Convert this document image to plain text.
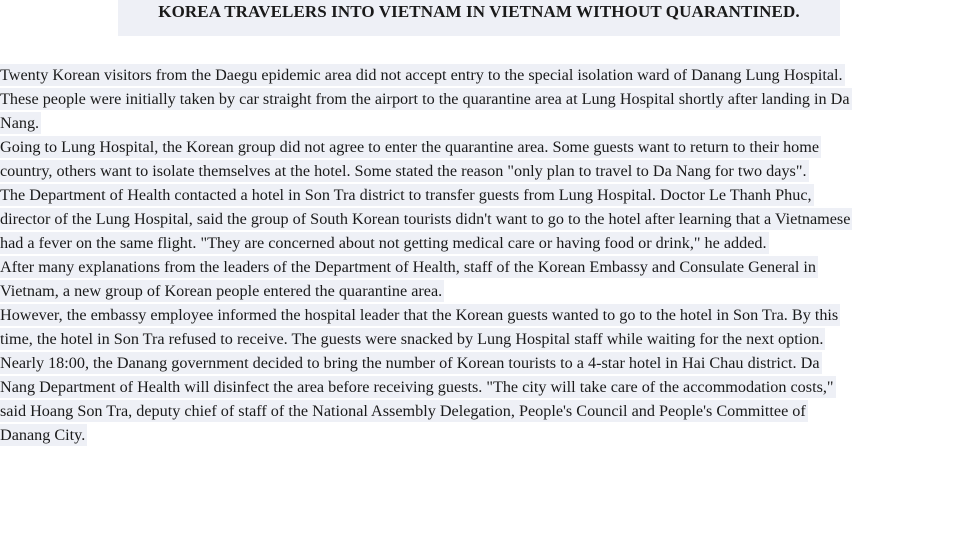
KOREA TRAVELERS INTO VIETNAM IN VIETNAM WITHOUT QUARANTINED.
Twenty Korean visitors from the Daegu epidemic area did not accept entry to the special isolation ward of Danang Lung Hospital.
These people were initially taken by car straight from the airport to the quarantine area at Lung Hospital shortly after landing in Da
Nang.
Going to Lung Hospital, the Korean group did not agree to enter the quarantine area. Some guests want to return to their home
country, others want to isolate themselves at the hotel. Some stated the reason "only plan to travel to Da Nang for two days".
The Department of Health contacted a hotel in Son Tra district to transfer guests from Lung Hospital. Doctor Le Thanh Phuc,
director of the Lung Hospital, said the group of South Korean tourists didn't want to go to the hotel after learning that a Vietnamese
had a fever on the same flight. "They are concerned about not getting medical care or having food or drink," he added.
After many explanations from the leaders of the Department of Health, staff of the Korean Embassy and Consulate General in
Vietnam, a new group of Korean people entered the quarantine area.
However, the embassy employee informed the hospital leader that the Korean guests wanted to go to the hotel in Son Tra. By this
time, the hotel in Son Tra refused to receive. The guests were snacked by Lung Hospital staff while waiting for the next option.
Nearly 18:00, the Danang government decided to bring the number of Korean tourists to a 4-star hotel in Hai Chau district. Da
Nang Department of Health will disinfect the area before receiving guests. "The city will take care of the accommodation costs,"
said Hoang Son Tra, deputy chief of staff of the National Assembly Delegation, People's Council and People's Committee of
Danang City.
